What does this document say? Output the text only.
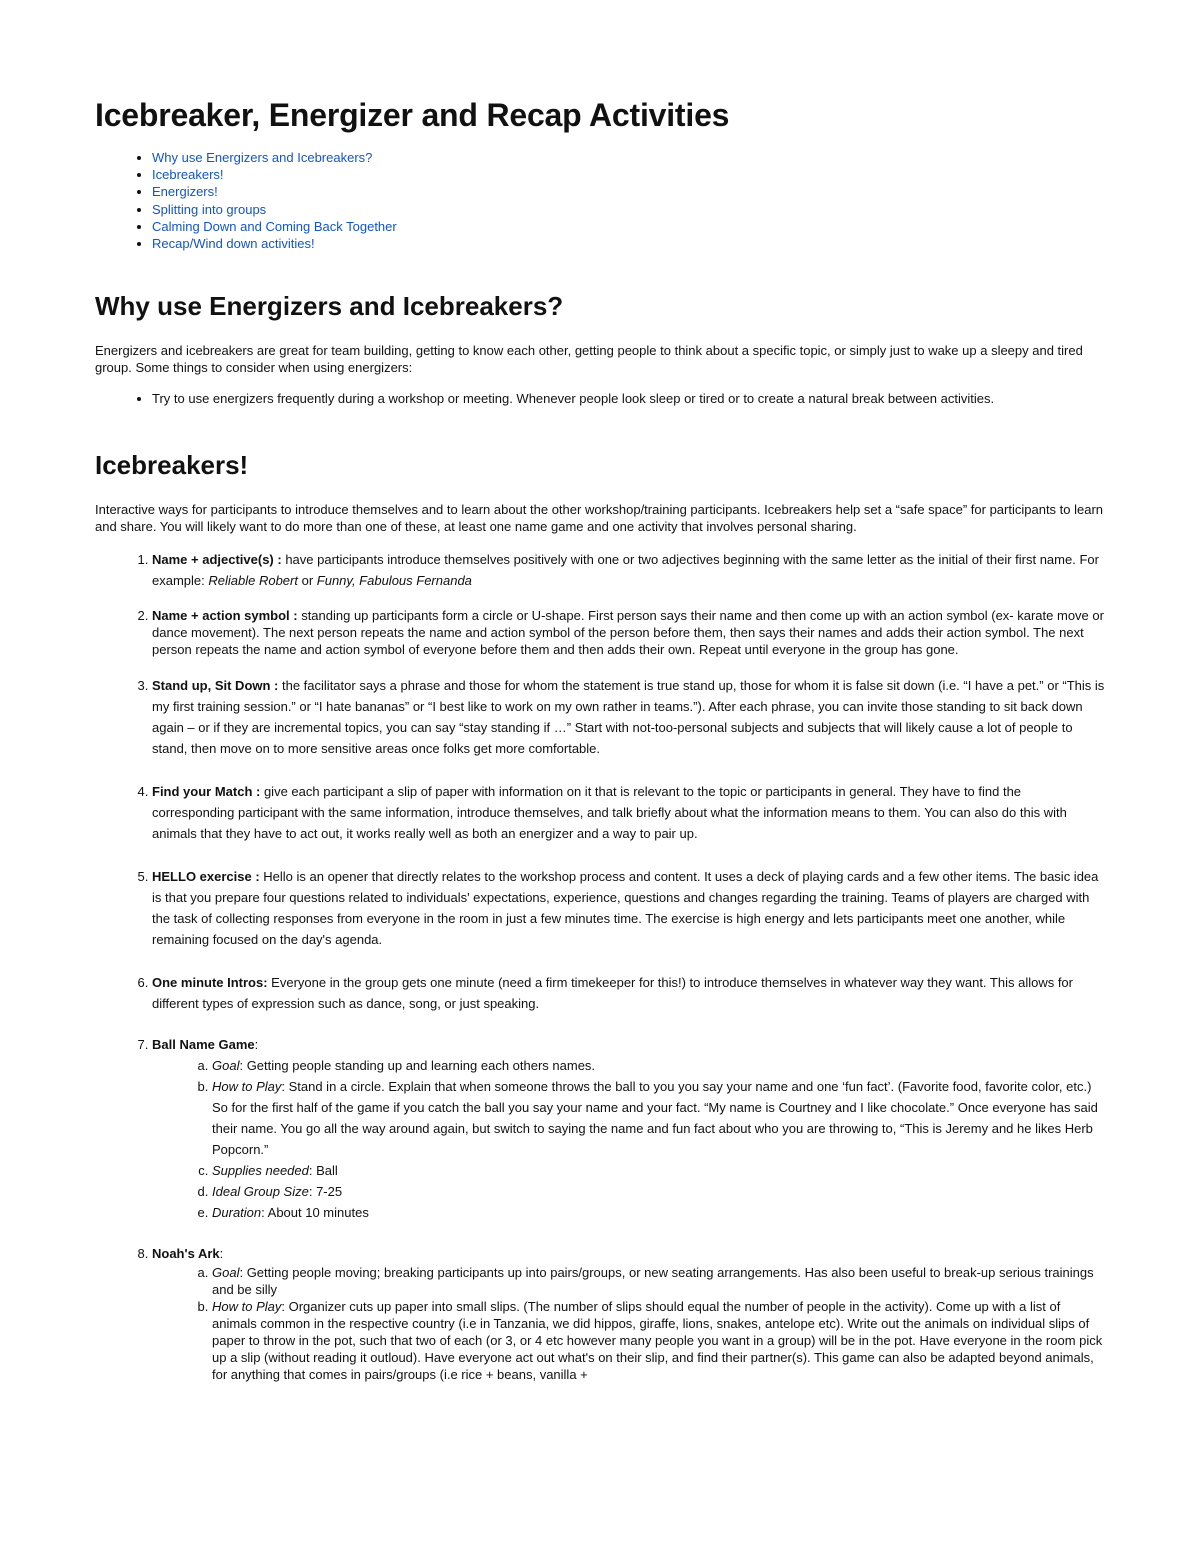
Icebreaker, Energizer and Recap Activities
• Why use Energizers and Icebreakers?
• Icebreakers!
• Energizers!
• Splitting into groups
• Calming Down and Coming Back Together
• Recap/Wind down activities!
Why use Energizers and Icebreakers?

Energizers and icebreakers are great for team building, getting to know each other, getting people to think about a specific topic, or simply just to wake up a sleepy and tired group. Some things to consider when using energizers:

• Try to use energizers frequently during a workshop or meeting. Whenever people look sleep or tired or to create a natural break between activities.
Icebreakers!

Interactive ways for participants to introduce themselves and to learn about the other workshop/training participants. Icebreakers help set a “safe space” for participants to learn and share. You will likely want to do more than one of these, at least one name game and one activity that involves personal sharing.

1. Name + adjective(s) : have participants introduce themselves positively with one or two adjectives beginning with the same letter as the initial of their first name. For example: Reliable Robert or Funny, Fabulous Fernanda
2. Name + action symbol : standing up participants form a circle or U-shape. First person says their name and then come up with an action symbol (ex- karate move or dance movement). The next person repeats the name and action symbol of the person before them, then says their names and adds their action symbol. The next person repeats the name and action symbol of everyone before them and then adds their own. Repeat until everyone in the group has gone.
3. Stand up, Sit Down : the facilitator says a phrase and those for whom the statement is true stand up, those for whom it is false sit down (i.e. “I have a pet.” or “This is my first training session.” or “I hate bananas” or “I best like to work on my own rather in teams.”). After each phrase, you can invite those standing to sit back down again – or if they are incremental topics, you can say “stay standing if …” Start with not-too-personal subjects and subjects that will likely cause a lot of people to stand, then move on to more sensitive areas once folks get more comfortable.
4. Find your Match : give each participant a slip of paper with information on it that is relevant to the topic or participants in general. They have to find the corresponding participant with the same information, introduce themselves, and talk briefly about what the information means to them. You can also do this with animals that they have to act out, it works really well as both an energizer and a way to pair up.
5. HELLO exercise : Hello is an opener that directly relates to the workshop process and content. It uses a deck of playing cards and a few other items. The basic idea is that you prepare four questions related to individuals' expectations, experience, questions and changes regarding the training. Teams of players are charged with the task of collecting responses from everyone in the room in just a few minutes time. The exercise is high energy and lets participants meet one another, while remaining focused on the day's agenda.
6. One minute Intros: Everyone in the group gets one minute (need a firm timekeeper for this!) to introduce themselves in whatever way they want. This allows for different types of expression such as dance, song, or just speaking.
7. Ball Name Game:
a. Goal: Getting people standing up and learning each others names.
b. How to Play: Stand in a circle. Explain that when someone throws the ball to you you say your name and one ‘fun fact’. (Favorite food, favorite color, etc.) So for the first half of the game if you catch the ball you say your name and your fact. “My name is Courtney and I like chocolate.” Once everyone has said their name. You go all the way around again, but switch to saying the name and fun fact about who you are throwing to, “This is Jeremy and he likes Herb Popcorn.”
c. Supplies needed: Ball
d. Ideal Group Size: 7-25
e. Duration: About 10 minutes
8. Noah's Ark:
a. Goal: Getting people moving; breaking participants up into pairs/groups, or new seating arrangements. Has also been useful to break-up serious trainings and be silly
b. How to Play: Organizer cuts up paper into small slips. (The number of slips should equal the number of people in the activity). Come up with a list of animals common in the respective country (i.e in Tanzania, we did hippos, giraffe, lions, snakes, antelope etc). Write out the animals on individual slips of paper to throw in the pot, such that two of each (or 3, or 4 etc however many people you want in a group) will be in the pot. Have everyone in the room pick up a slip (without reading it outloud). Have everyone act out what's on their slip, and find their partner(s). This game can also be adapted beyond animals, for anything that comes in pairs/groups (i.e rice + beans, vanilla +
